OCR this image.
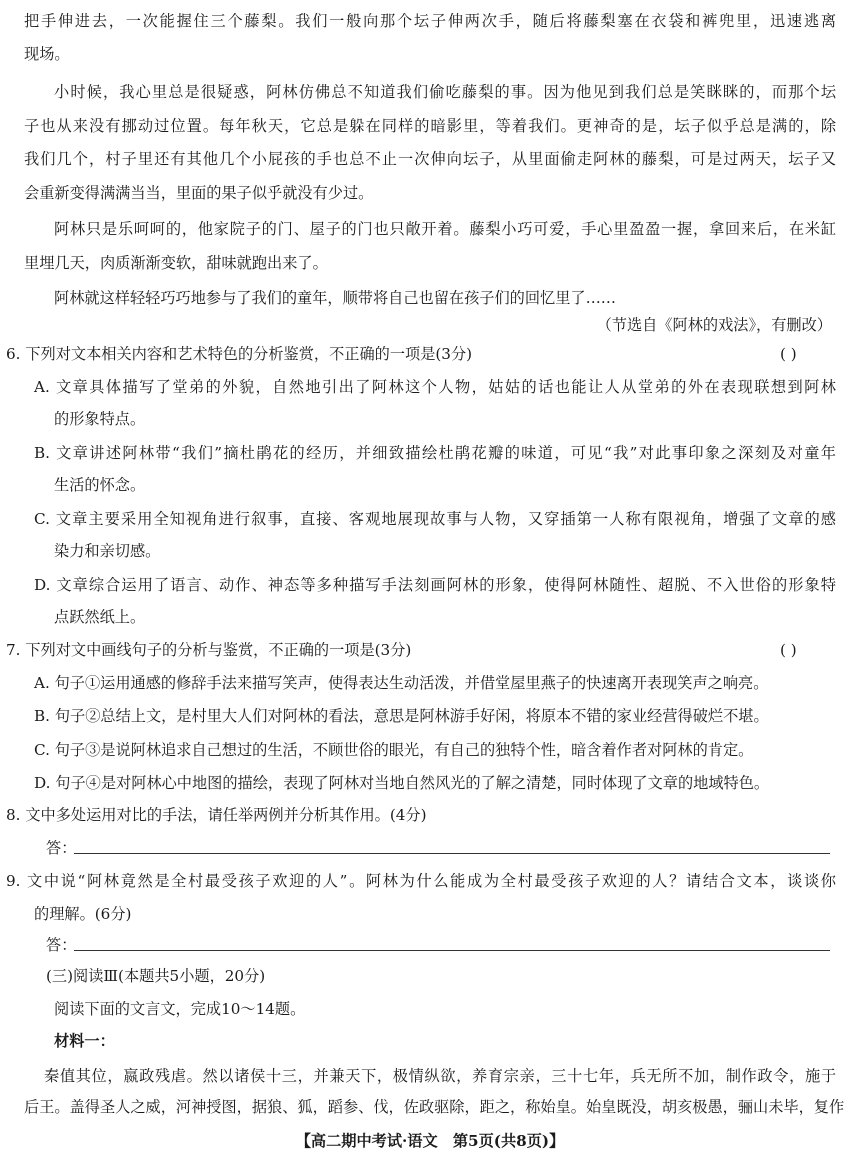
把手伸进去，一次能握住三个藤梨。我们一般向那个坛子伸两次手，随后将藤梨塞在衣袋和裤兜里，迅速逃离
现场。
小时候，我心里总是很疑惑，阿林仿佛总不知道我们偷吃藤梨的事。因为他见到我们总是笑眯眯的，而那个坛
子也从来没有挪动过位置。每年秋天，它总是躲在同样的暗影里，等着我们。更神奇的是，坛子似乎总是满的，除
我们几个，村子里还有其他几个小屁孩的手也总不止一次伸向坛子，从里面偷走阿林的藤梨，可是过两天，坛子又
会重新变得满满当当，里面的果子似乎就没有少过。
阿林只是乐呵呵的，他家院子的门、屋子的门也只敞开着。藤梨小巧可爱，手心里盈盈一握，拿回来后，在米缸
里埋几天，肉质渐渐变软，甜味就跑出来了。
阿林就这样轻轻巧巧地参与了我们的童年，顺带将自己也留在孩子们的回忆里了……
（节选自《阿林的戏法》，有删改）
6. 下列对文本相关内容和艺术特色的分析鉴赏，不正确的一项是(3分)	( )
A. 文章具体描写了堂弟的外貌，自然地引出了阿林这个人物，姑姑的话也能让人从堂弟的外在表现联想到阿林
的形象特点。
B. 文章讲述阿林带“我们”摘杜鹃花的经历，并细致描绘杜鹃花瓣的味道，可见“我”对此事印象之深刻及对童年
生活的怀念。
C. 文章主要采用全知视角进行叙事，直接、客观地展现故事与人物，又穿插第一人称有限视角，增强了文章的感
染力和亲切感。
D. 文章综合运用了语言、动作、神态等多种描写手法刻画阿林的形象，使得阿林随性、超脱、不入世俗的形象特
点跃然纸上。
7. 下列对文中画线句子的分析与鉴赏，不正确的一项是(3分)	( )
A. 句子①运用通感的修辞手法来描写笑声，使得表达生动活泼，并借堂屋里燕子的快速离开表现笑声之响亮。
B. 句子②总结上文，是村里大人们对阿林的看法，意思是阿林游手好闲，将原本不错的家业经营得破烂不堪。
C. 句子③是说阿林追求自己想过的生活，不顾世俗的眼光，有自己的独特个性，暗含着作者对阿林的肯定。
D. 句子④是对阿林心中地图的描绘，表现了阿林对当地自然风光的了解之清楚，同时体现了文章的地域特色。
8. 文中多处运用对比的手法，请任举两例并分析其作用。(4分)
答：
9. 文中说“阿林竟然是全村最受孩子欢迎的人”。阿林为什么能成为全村最受孩子欢迎的人？请结合文本，谈谈你
的理解。(6分)
答：
(三)阅读Ⅲ(本题共5小题，20分)
阅读下面的文言文，完成10～14题。
材料一：
秦值其位，嬴政残虐。然以诸侯十三，并兼天下，极情纵欲，养育宗亲，三十七年，兵无所不加，制作政令，施于
后王。盖得圣人之威，河神授图，据狼、狐，蹈参、伐，佐政驱除，距之，称始皇。始皇既没，胡亥极愚，骊山未毕，复作
【高二期中考试·语文　第5页(共8页)】
